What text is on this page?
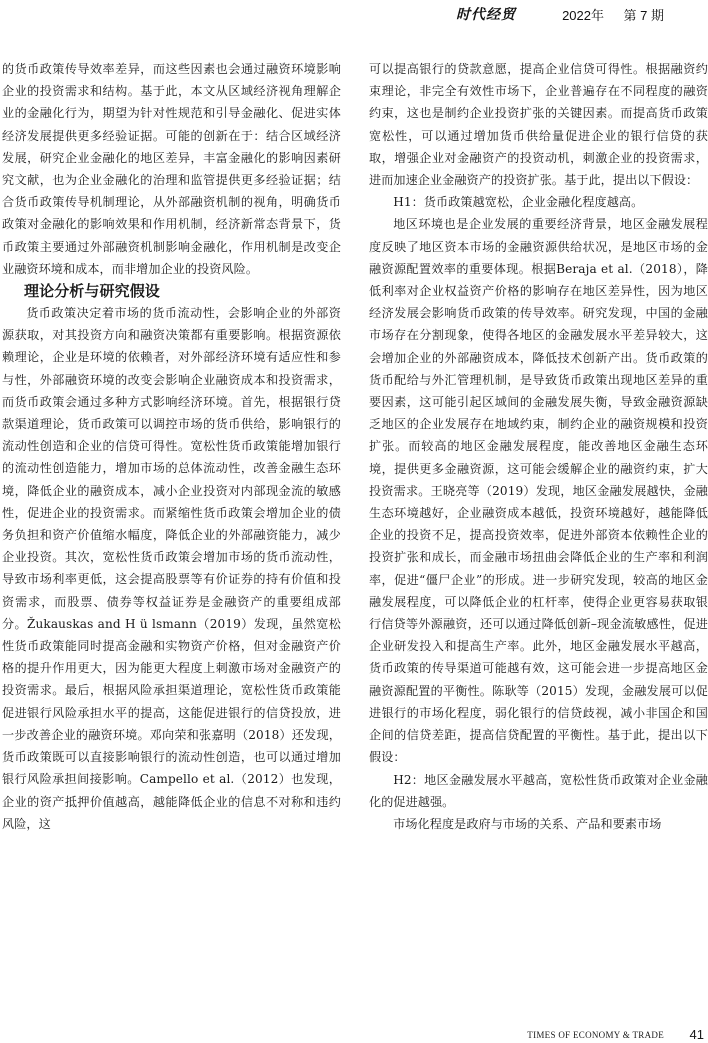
时代经贸	2022年 第 7 期

的货币政策传导效率差异，而这些因素也会通过融资环境影响企业的投资需求和结构。基于此，本文从区域经济视角理解企业的金融化行为，期望为针对性规范和引导金融化、促进实体经济发展提供更多经验证据。可能的创新在于：结合区域经济发展，研究企业金融化的地区差异，丰富金融化的影响因素研究文献，也为企业金融化的治理和监管提供更多经验证据；结合货币政策传导机制理论，从外部融资机制的视角，明确货币政策对金融化的影响效果和作用机制，经济新常态背景下，货币政策主要通过外部融资机制影响金融化，作用机制是改变企业融资环境和成本，而非增加企业的投资风险。

理论分析与研究假设

货币政策决定着市场的货币流动性，会影响企业的外部资源获取，对其投资方向和融资决策都有重要影响。根据资源依赖理论，企业是环境的依赖者，对外部经济环境有适应性和参与性，外部融资环境的改变会影响企业融资成本和投资需求，而货币政策会通过多种方式影响经济环境。首先，根据银行贷款渠道理论，货币政策可以调控市场的货币供给，影响银行的流动性创造和企业的信贷可得性。宽松性货币政策能增加银行的流动性创造能力，增加市场的总体流动性，改善金融生态环境，降低企业的融资成本，减小企业投资对内部现金流的敏感性，促进企业的投资需求。而紧缩性货币政策会增加企业的债务负担和资产价值缩水幅度，降低企业的外部融资能力，减少企业投资。其次，宽松性货币政策会增加市场的货币流动性，导致市场利率更低，这会提高股票等有价证券的持有价值和投资需求，而股票、债券等权益证券是金融资产的重要组成部分。Žukauskas and H ü lsmann（2019）发现，虽然宽松性货币政策能同时提高金融和实物资产价格，但对金融资产价格的提升作用更大，因为能更大程度上刺激市场对金融资产的投资需求。最后，根据风险承担渠道理论，宽松性货币政策能促进银行风险承担水平的提高，这能促进银行的信贷投放，进一步改善企业的融资环境。邓向荣和张嘉明（2018）还发现，货币政策既可以直接影响银行的流动性创造，也可以通过增加银行风险承担间接影响。Campello et al.（2012）也发现，企业的资产抵押价值越高，越能降低企业的信息不对称和违约风险，这

可以提高银行的贷款意愿，提高企业信贷可得性。根据融资约束理论，非完全有效性市场下，企业普遍存在不同程度的融资约束，这也是制约企业投资扩张的关键因素。而提高货币政策宽松性，可以通过增加货币供给量促进企业的银行信贷的获取，增强企业对金融资产的投资动机，刺激企业的投资需求，进而加速企业金融资产的投资扩张。基于此，提出以下假设：

H1：货币政策越宽松，企业金融化程度越高。

地区环境也是企业发展的重要经济背景，地区金融发展程度反映了地区资本市场的金融资源供给状况，是地区市场的金融资源配置效率的重要体现。根据Beraja et al.（2018），降低利率对企业权益资产价格的影响存在地区差异性，因为地区经济发展会影响货币政策的传导效率。研究发现，中国的金融市场存在分割现象，使得各地区的金融发展水平差异较大，这会增加企业的外部融资成本，降低技术创新产出。货币政策的货币配给与外汇管理机制，是导致货币政策出现地区差异的重要因素，这可能引起区域间的金融发展失衡，导致金融资源缺乏地区的企业发展存在地域约束，制约企业的融资规模和投资扩张。而较高的地区金融发展程度，能改善地区金融生态环境，提供更多金融资源，这可能会缓解企业的融资约束，扩大投资需求。王晓亮等（2019）发现，地区金融发展越快，金融生态环境越好，企业融资成本越低，投资环境越好，越能降低企业的投资不足，提高投资效率，促进外部资本依赖性企业的投资扩张和成长，而金融市场扭曲会降低企业的生产率和利润率，促进“僵尸企业”的形成。进一步研究发现，较高的地区金融发展程度，可以降低企业的杠杆率，使得企业更容易获取银行信贷等外源融资，还可以通过降低创新–现金流敏感性，促进企业研发投入和提高生产率。此外，地区金融发展水平越高，货币政策的传导渠道可能越有效，这可能会进一步提高地区金融资源配置的平衡性。陈耿等（2015）发现，金融发展可以促进银行的市场化程度，弱化银行的信贷歧视，减小非国企和国企间的信贷差距，提高信贷配置的平衡性。基于此，提出以下假设：

H2：地区金融发展水平越高，宽松性货币政策对企业金融化的促进越强。

市场化程度是政府与市场的关系、产品和要素市场

TIMES OF ECONOMY & TRADE 41
